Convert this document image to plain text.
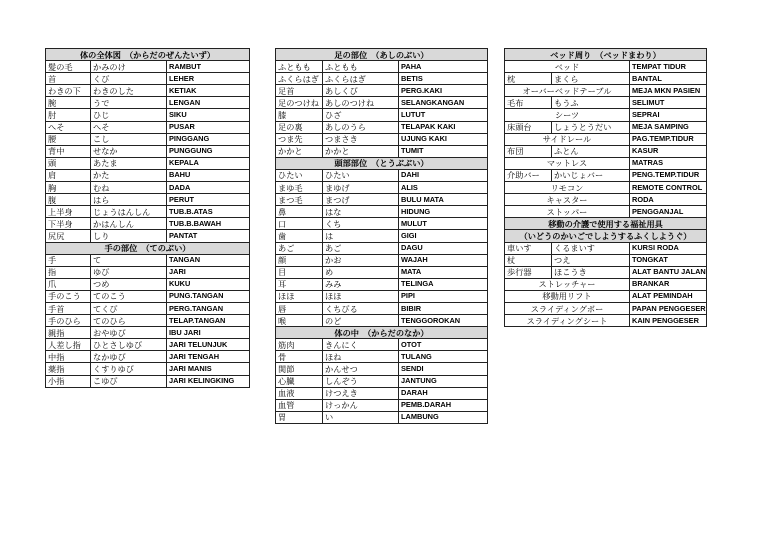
体の全体図　（からだのぜんたいず）		
髪の毛	かみのけ	RAMBUT
首	くび	LEHER
わきの下	わきのした	KETIAK
腕	うで	LENGAN
肘	ひじ	SIKU
へそ	へそ	PUSAR
腰	こし	PINGGANG
背中	せなか	PUNGGUNG
頭	あたま	KEPALA
肩	かた	BAHU
胸	むね	DADA
腹	はら	PERUT
上半身	じょうはんしん	TUB.B.ATAS
下半身	かはんしん	TUB.B.BAWAH
尻尻	しり	PANTAT
手の部位　（てのぶい）		
手	て	TANGAN
指	ゆび	JARI
爪	つめ	KUKU
手のこう	てのこう	PUNG.TANGAN
手首	てくび	PERG.TANGAN
手のひら	てのひら	TELAP.TANGAN
親指	おやゆび	IBU JARI
人差し指	ひとさしゆび	JARI TELUNJUK
中指	なかゆび	JARI TENGAH
薬指	くすりゆび	JARI MANIS
小指	こゆび	JARI KELINGKING
足の部位　（あしのぶい）		
ふともも	ふともも	PAHA
ふくらはぎ	ふくらはぎ	BETIS
足首	あしくび	PERG.KAKI
足のつけね	あしのつけね	SELANGKANGAN
膝	ひざ	LUTUT
足の裏	あしのうら	TELAPAK KAKI
つま先	つまさき	UJUNG KAKI
かかと	かかと	TUMIT
頭部部位　（とうぶぶい）		
ひたい	ひたい	DAHI
まゆ毛	まゆげ	ALIS
まつ毛	まつげ	BULU MATA
鼻	はな	HIDUNG
口	くち	MULUT
歯	は	GIGI
あご	あご	DAGU
顔	かお	WAJAH
目	め	MATA
耳	みみ	TELINGA
ほほ	ほほ	PIPI
唇	くちびる	BIBIR
喉	のど	TENGGOROKAN
体の中　（からだのなか）		
筋肉	きんにく	OTOT
骨	ほね	TULANG
関節	かんせつ	SENDI
心臓	しんぞう	JANTUNG
血液	けつえき	DARAH
血管	けっかん	PEMB.DARAH
胃	い	LAMBUNG
ベッド周り　（ベッドまわり）		
ベッド		TEMPAT TIDUR
枕	まくら	BANTAL
オーバーベッドテーブル		MEJA MKN PASIEN
毛布	もうふ	SELIMUT
シーツ		SEPRAI
床頭台	しょうとうだい	MEJA SAMPING
サイドレール		PAG.TEMP.TIDUR
布団	ふとん	KASUR
マットレス		MATRAS
介助バー	かいじょバー	PENG.TEMP.TIDUR
リモコン		REMOTE CONTROL
キャスター		RODA
ストッパー		PENGGANJAL
移動の介護で使用する福祉用具		
（いどうのかいごでしようするふくしようぐ）		
車いす	くるまいす	KURSI RODA
杖	つえ	TONGKAT
歩行器	ほこうき	ALAT BANTU JALAN
ストレッチャー		BRANKAR
移動用リフト		ALAT PEMINDAH
スライディングボー		PAPAN PENGGESER
スライディングシート		KAIN PENGGESER
